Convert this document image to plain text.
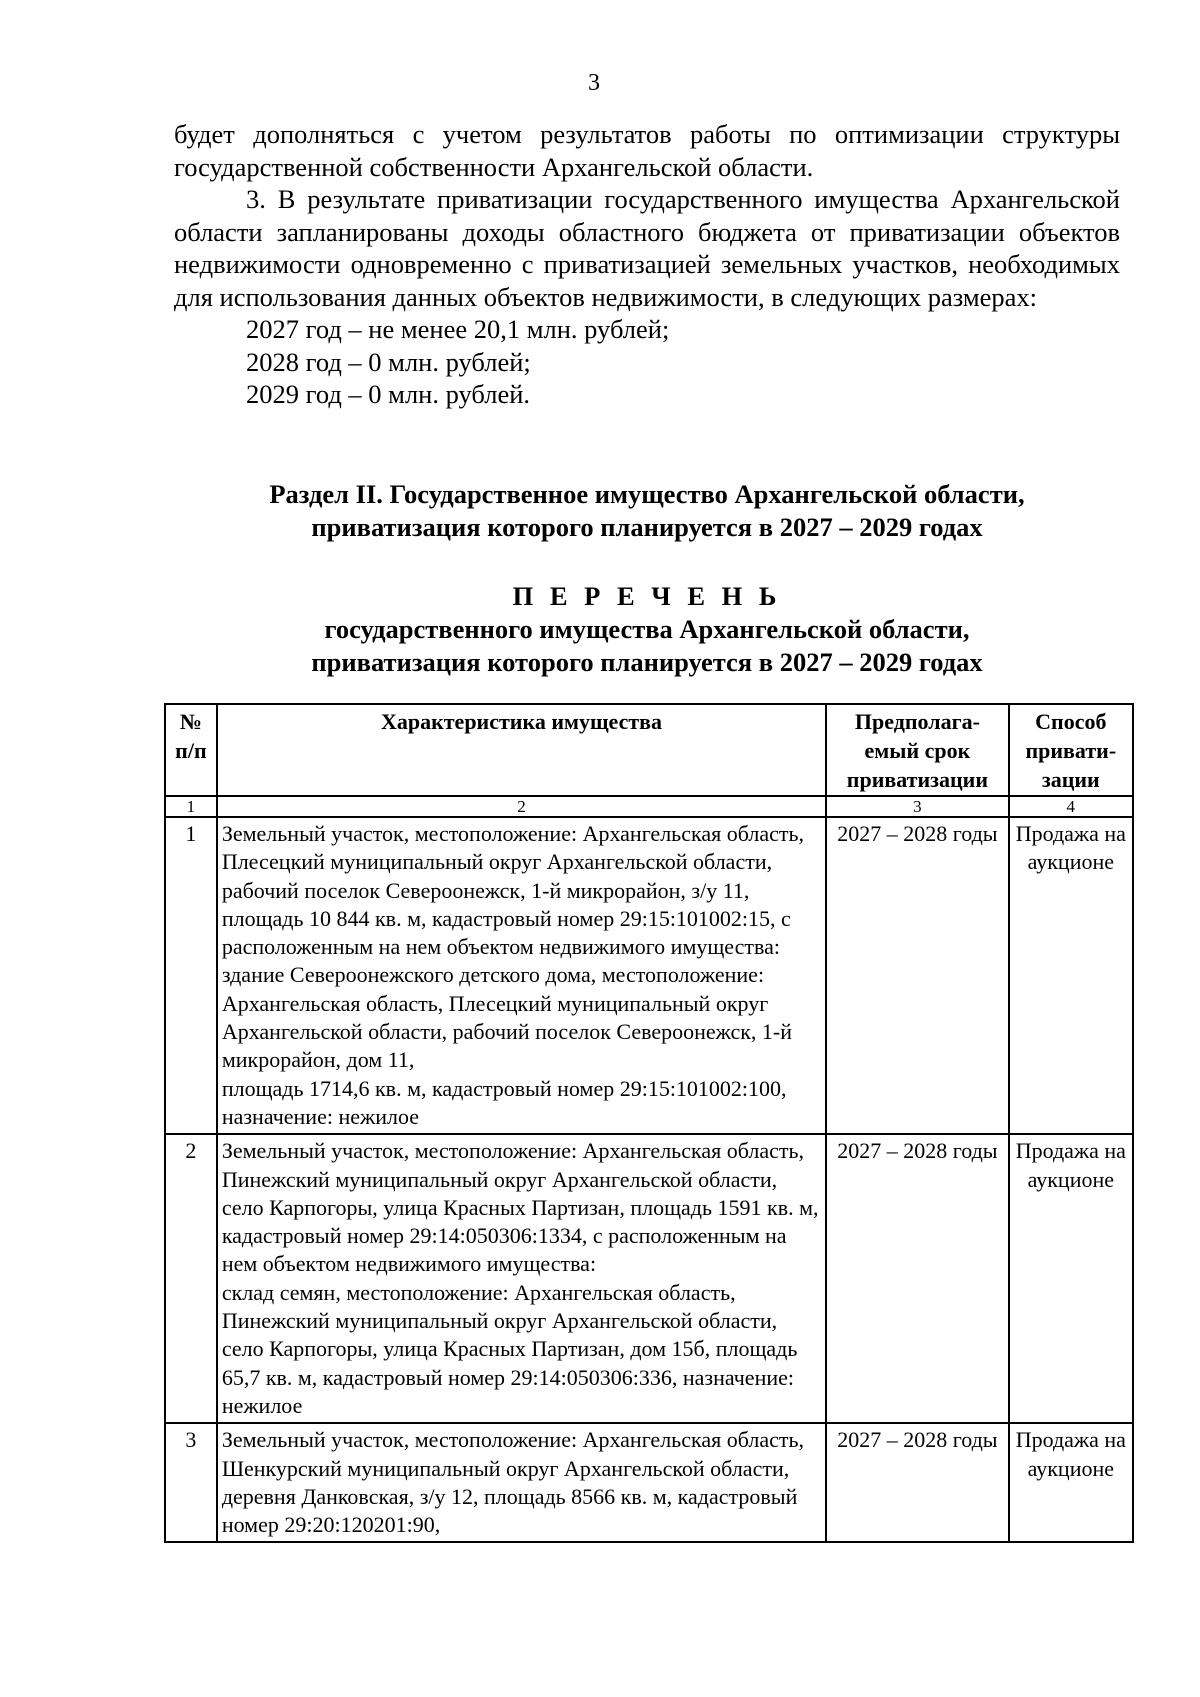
3

будет дополняться с учетом результатов работы по оптимизации структуры государственной собственности Архангельской области.

3. В результате приватизации государственного имущества Архангельской области запланированы доходы областного бюджета от приватизации объектов недвижимости одновременно с приватизацией земельных участков, необходимых для использования данных объектов недвижимости, в следующих размерах:

2027 год – не менее 20,1 млн. рублей;
2028 год – 0 млн. рублей;
2029 год – 0 млн. рублей.
Раздел II. Государственное имущество Архангельской области,
приватизация которого планируется в 2027 – 2029 годах
П Е Р Е Ч Е Н Ь
государственного имущества Архангельской области,
приватизация которого планируется в 2027 – 2029 годах
№ п/п	Характеристика имущества	Предполага-емый срок приватизации	Способ привати-зации
1	2	3	4
1	Земельный участок, местоположение: Архангельская область, Плесецкий муниципальный округ Архангельской области, рабочий поселок Североонежск, 1-й микрорайон, з/у 11, площадь 10 844 кв. м, кадастровый номер 29:15:101002:15, с расположенным на нем объектом недвижимого имущества:
здание Североонежского детского дома, местоположение: Архангельская область, Плесецкий муниципальный округ Архангельской области, рабочий поселок Североонежск, 1-й микрорайон, дом 11,
площадь 1714,6 кв. м, кадастровый номер 29:15:101002:100, назначение: нежилое	2027 – 2028 годы	Продажа на аукционе
2	Земельный участок, местоположение: Архангельская область, Пинежский муниципальный округ Архангельской области, село Карпогоры, улица Красных Партизан, площадь 1591 кв. м, кадастровый номер 29:14:050306:1334, с расположенным на нем объектом недвижимого имущества:
склад семян, местоположение: Архангельская область, Пинежский муниципальный округ Архангельской области, село Карпогоры, улица Красных Партизан, дом 15б, площадь 65,7 кв. м, кадастровый номер 29:14:050306:336, назначение: нежилое	2027 – 2028 годы	Продажа на аукционе
3	Земельный участок, местоположение: Архангельская область, Шенкурский муниципальный округ Архангельской области, деревня Данковская, з/у 12, площадь 8566 кв. м, кадастровый номер 29:20:120201:90,	2027 – 2028 годы	Продажа на аукционе
